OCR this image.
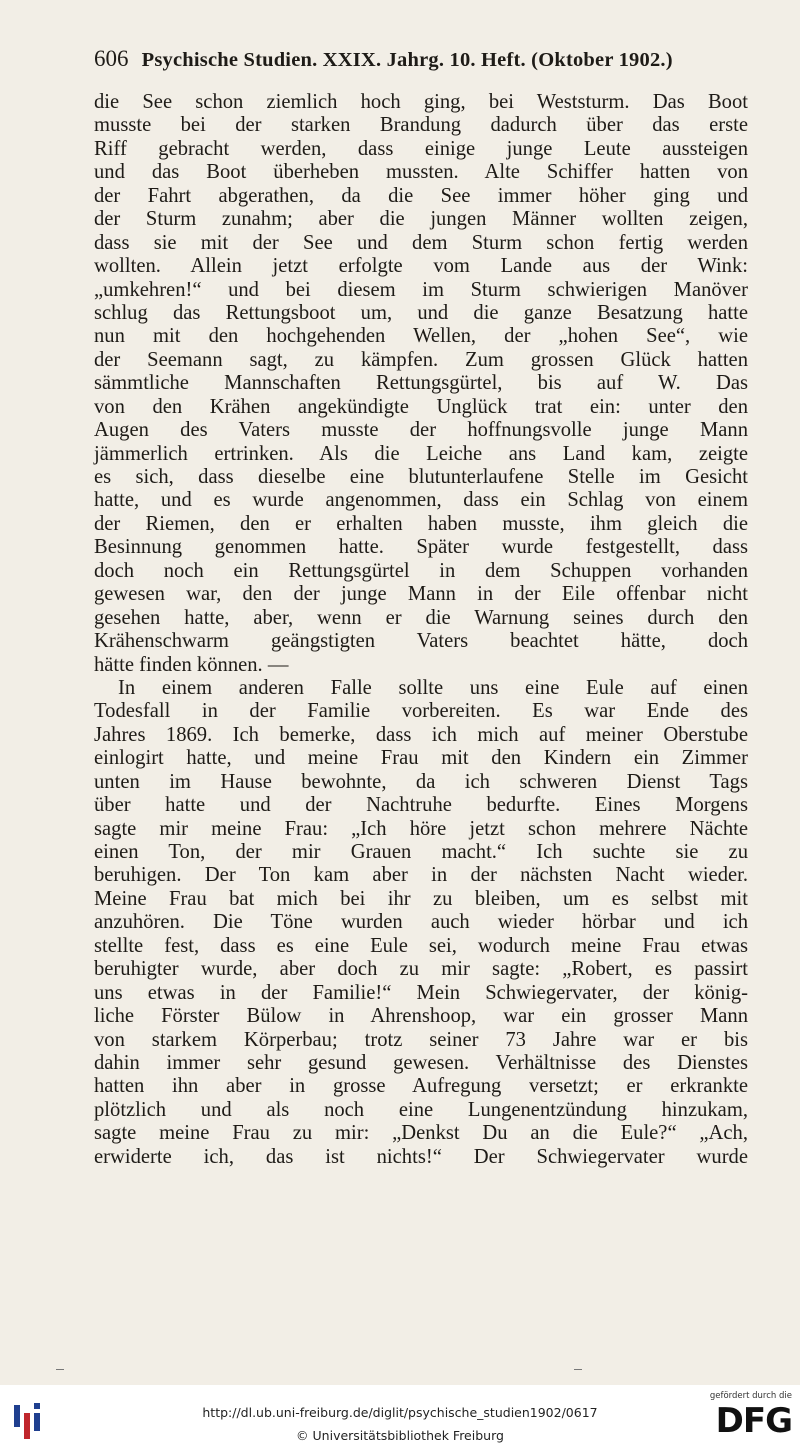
606 Psychische Studien. XXIX. Jahrg. 10. Heft. (Oktober 1902.)
die See schon ziemlich hoch ging, bei Weststurm. Das Boot
musste bei der starken Brandung dadurch über das erste
Riff gebracht werden, dass einige junge Leute aussteigen
und das Boot überheben mussten. Alte Schiffer hatten von
der Fahrt abgerathen, da die See immer höher ging und
der Sturm zunahm; aber die jungen Männer wollten zeigen,
dass sie mit der See und dem Sturm schon fertig werden
wollten. Allein jetzt erfolgte vom Lande aus der Wink:
„umkehren!“ und bei diesem im Sturm schwierigen Manöver
schlug das Rettungsboot um, und die ganze Besatzung hatte
nun mit den hochgehenden Wellen, der „hohen See“, wie
der Seemann sagt, zu kämpfen. Zum grossen Glück hatten
sämmtliche Mannschaften Rettungsgürtel, bis auf W. Das
von den Krähen angekündigte Unglück trat ein: unter den
Augen des Vaters musste der hoffnungsvolle junge Mann
jämmerlich ertrinken. Als die Leiche ans Land kam, zeigte
es sich, dass dieselbe eine blutunterlaufene Stelle im Gesicht
hatte, und es wurde angenommen, dass ein Schlag von einem
der Riemen, den er erhalten haben musste, ihm gleich die
Besinnung genommen hatte. Später wurde festgestellt, dass
doch noch ein Rettungsgürtel in dem Schuppen vorhanden
gewesen war, den der junge Mann in der Eile offenbar nicht
gesehen hatte, aber, wenn er die Warnung seines durch den
Krähenschwarm geängstigten Vaters beachtet hätte, doch
hätte finden können. —
In einem anderen Falle sollte uns eine Eule auf einen
Todesfall in der Familie vorbereiten. Es war Ende des
Jahres 1869. Ich bemerke, dass ich mich auf meiner Oberstube
einlogirt hatte, und meine Frau mit den Kindern ein Zimmer
unten im Hause bewohnte, da ich schweren Dienst Tags
über hatte und der Nachtruhe bedurfte. Eines Morgens
sagte mir meine Frau: „Ich höre jetzt schon mehrere Nächte
einen Ton, der mir Grauen macht.“ Ich suchte sie zu
beruhigen. Der Ton kam aber in der nächsten Nacht wieder.
Meine Frau bat mich bei ihr zu bleiben, um es selbst mit
anzuhören. Die Töne wurden auch wieder hörbar und ich
stellte fest, dass es eine Eule sei, wodurch meine Frau etwas
beruhigter wurde, aber doch zu mir sagte: „Robert, es passirt
uns etwas in der Familie!“ Mein Schwiegervater, der könig-
liche Förster Bülow in Ahrenshoop, war ein grosser Mann
von starkem Körperbau; trotz seiner 73 Jahre war er bis
dahin immer sehr gesund gewesen. Verhältnisse des Dienstes
hatten ihn aber in grosse Aufregung versetzt; er erkrankte
plötzlich und als noch eine Lungenentzündung hinzukam,
sagte meine Frau zu mir: „Denkst Du an die Eule?“ „Ach,
erwiderte ich, das ist nichts!“ Der Schwiegervater wurde
http://dl.ub.uni-freiburg.de/diglit/psychische_studien1902/0617
© Universitätsbibliothek Freiburg
gefördert durch die
DFG
